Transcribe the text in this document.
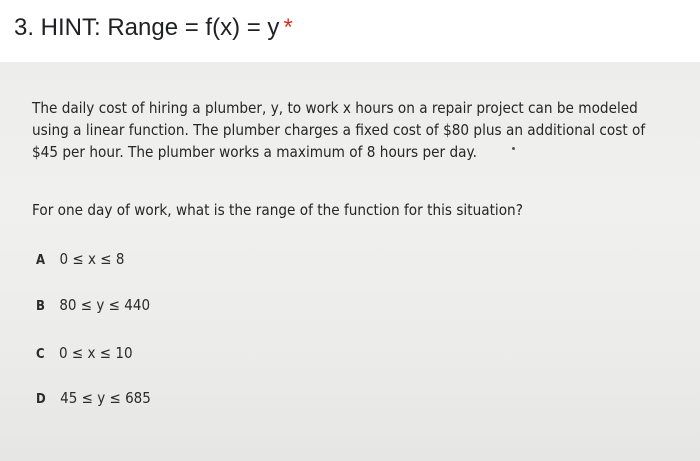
3. HINT: Range = f(x) = y *

The daily cost of hiring a plumber, y, to work x hours on a repair project can be modeled

using a linear function. The plumber charges a fixed cost of $80 plus an additional cost of

$45 per hour. The plumber works a maximum of 8 hours per day.

For one day of work, what is the range of the function for this situation?
A 0 ≤ x ≤ 8
B 80 ≤ y ≤ 440
C 0 ≤ x ≤ 10
D 45 ≤ y ≤ 685
